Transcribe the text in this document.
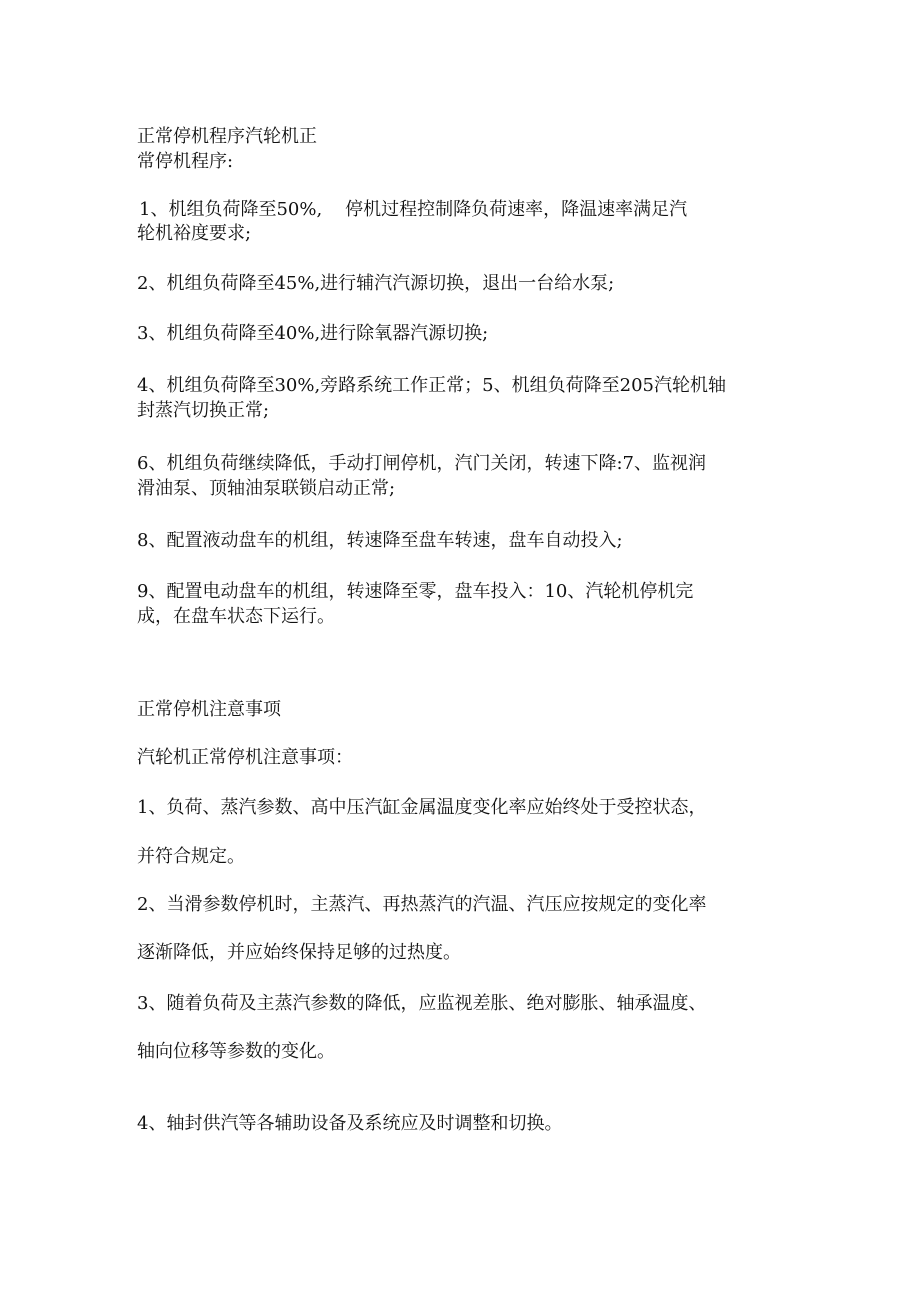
正常停机程序汽轮机正
常停机程序:
1、机组负荷降至50%,    停机过程控制降负荷速率，降温速率满足汽
轮机裕度要求;
2、机组负荷降至45%,进行辅汽汽源切换，退出一台给水泵;
3、机组负荷降至40%,进行除氧器汽源切换;
4、机组负荷降至30%,旁路系统工作正常；5、机组负荷降至205汽轮机轴
封蒸汽切换正常;
6、机组负荷继续降低，手动打闸停机，汽门关闭，转速下降:7、监视润
滑油泵、顶轴油泵联锁启动正常;
8、配置液动盘车的机组，转速降至盘车转速，盘车自动投入;
9、配置电动盘车的机组，转速降至零，盘车投入：10、汽轮机停机完
成，在盘车状态下运行。
正常停机注意事项
汽轮机正常停机注意事项：
1、负荷、蒸汽参数、高中压汽缸金属温度变化率应始终处于受控状态，
并符合规定。
2、当滑参数停机时，主蒸汽、再热蒸汽的汽温、汽压应按规定的变化率
逐渐降低，并应始终保持足够的过热度。
3、随着负荷及主蒸汽参数的降低，应监视差胀、绝对膨胀、轴承温度、
轴向位移等参数的变化。
4、轴封供汽等各辅助设备及系统应及时调整和切换。
